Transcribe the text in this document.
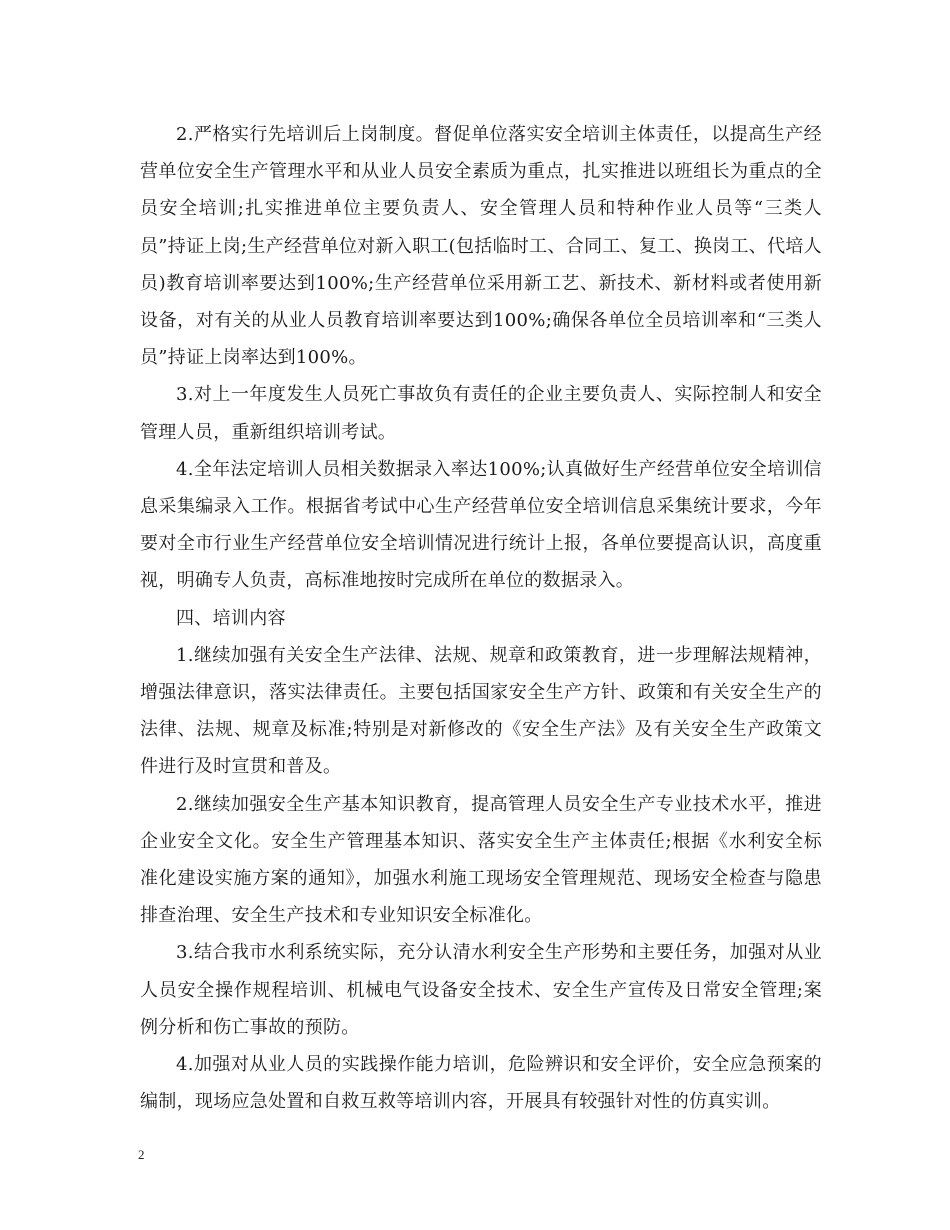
2.严格实行先培训后上岗制度。督促单位落实安全培训主体责任，以提高生产经营单位安全生产管理水平和从业人员安全素质为重点，扎实推进以班组长为重点的全员安全培训;扎实推进单位主要负责人、安全管理人员和特种作业人员等“三类人员”持证上岗;生产经营单位对新入职工(包括临时工、合同工、复工、换岗工、代培人员)教育培训率要达到100%;生产经营单位采用新工艺、新技术、新材料或者使用新设备，对有关的从业人员教育培训率要达到100%;确保各单位全员培训率和“三类人员”持证上岗率达到100%。

3.对上一年度发生人员死亡事故负有责任的企业主要负责人、实际控制人和安全管理人员，重新组织培训考试。

4.全年法定培训人员相关数据录入率达100%;认真做好生产经营单位安全培训信息采集编录入工作。根据省考试中心生产经营单位安全培训信息采集统计要求，今年要对全市行业生产经营单位安全培训情况进行统计上报，各单位要提高认识，高度重视，明确专人负责，高标准地按时完成所在单位的数据录入。

四、培训内容

1.继续加强有关安全生产法律、法规、规章和政策教育，进一步理解法规精神，增强法律意识，落实法律责任。主要包括国家安全生产方针、政策和有关安全生产的法律、法规、规章及标准;特别是对新修改的《安全生产法》及有关安全生产政策文件进行及时宣贯和普及。

2.继续加强安全生产基本知识教育，提高管理人员安全生产专业技术水平，推进企业安全文化。安全生产管理基本知识、落实安全生产主体责任;根据《水利安全标准化建设实施方案的通知》，加强水利施工现场安全管理规范、现场安全检查与隐患排查治理、安全生产技术和专业知识安全标准化。

3.结合我市水利系统实际，充分认清水利安全生产形势和主要任务，加强对从业人员安全操作规程培训、机械电气设备安全技术、安全生产宣传及日常安全管理;案例分析和伤亡事故的预防。

4.加强对从业人员的实践操作能力培训，危险辨识和安全评价，安全应急预案的编制，现场应急处置和自救互救等培训内容，开展具有较强针对性的仿真实训。

2
